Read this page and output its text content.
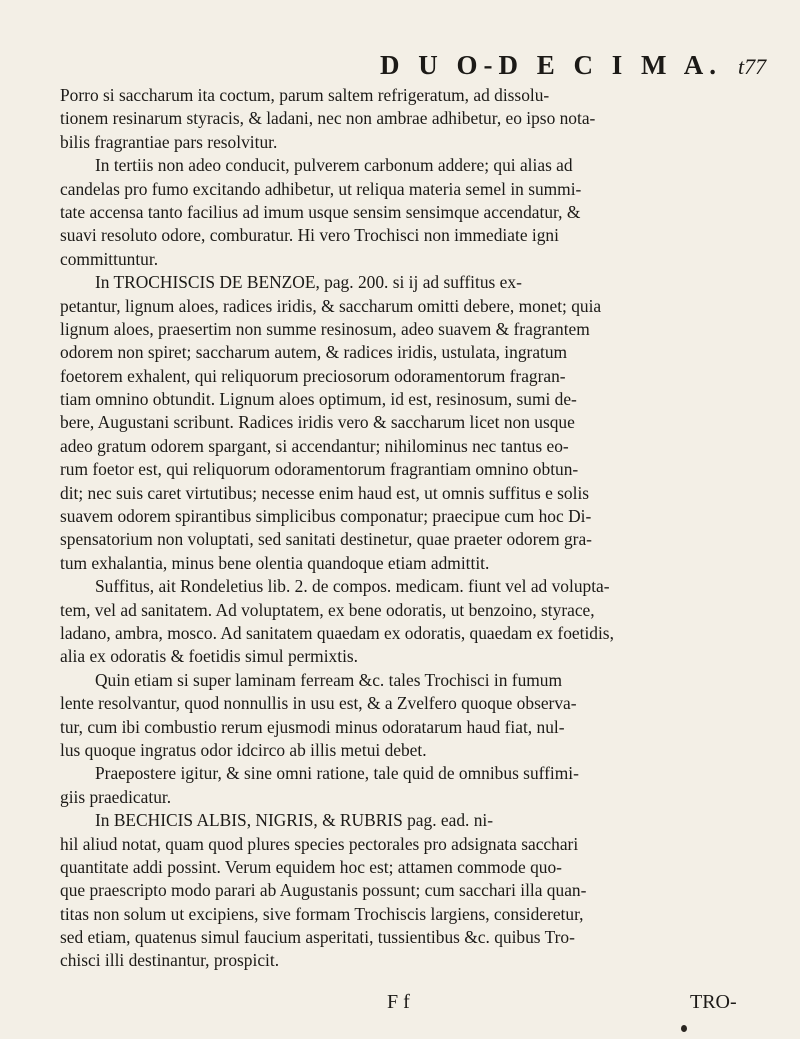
D U O-D E C I M A. t77
Porro si saccharum ita coctum, parum saltem refrigeratum, ad dissolu-
tionem resinarum styracis, & ladani, nec non ambrae adhibetur, eo ipso nota-
bilis fragrantiae pars resolvitur.
In tertiis non adeo conducit, pulverem carbonum addere; qui alias ad
candelas pro fumo excitando adhibetur, ut reliqua materia semel in summi-
tate accensa tanto facilius ad imum usque sensim sensimque accendatur, &
suavi resoluto odore, comburatur. Hi vero Trochisci non immediate igni
committuntur.
In TROCHISCIS DE BENZOE, pag. 200. si ij ad suffitus ex-
petantur, lignum aloes, radices iridis, & saccharum omitti debere, monet; quia
lignum aloes, praesertim non summe resinosum, adeo suavem & fragrantem
odorem non spiret; saccharum autem, & radices iridis, ustulata, ingratum
foetorem exhalent, qui reliquorum preciosorum odoramentorum fragran-
tiam omnino obtundit. Lignum aloes optimum, id est, resinosum, sumi de-
bere, Augustani scribunt. Radices iridis vero & saccharum licet non usque
adeo gratum odorem spargant, si accendantur; nihilominus nec tantus eo-
rum foetor est, qui reliquorum odoramentorum fragrantiam omnino obtun-
dit; nec suis caret virtutibus; necesse enim haud est, ut omnis suffitus e solis
suavem odorem spirantibus simplicibus componatur; praecipue cum hoc Di-
spensatorium non voluptati, sed sanitati destinetur, quae praeter odorem gra-
tum exhalantia, minus bene olentia quandoque etiam admittit.
Suffitus, ait Rondeletius lib. 2. de compos. medicam. fiunt vel ad volupta-
tem, vel ad sanitatem. Ad voluptatem, ex bene odoratis, ut benzoino, styrace,
ladano, ambra, mosco. Ad sanitatem quaedam ex odoratis, quaedam ex foetidis,
alia ex odoratis & foetidis simul permixtis.
Quin etiam si super laminam ferream &c. tales Trochisci in fumum
lente resolvantur, quod nonnullis in usu est, & a Zvelfero quoque observa-
tur, cum ibi combustio rerum ejusmodi minus odoratarum haud fiat, nul-
lus quoque ingratus odor idcirco ab illis metui debet.
Praepostere igitur, & sine omni ratione, tale quid de omnibus suffimi-
giis praedicatur.
In BECHICIS ALBIS, NIGRIS, & RUBRIS pag. ead. ni-
hil aliud notat, quam quod plures species pectorales pro adsignata sacchari
quantitate addi possint. Verum equidem hoc est; attamen commode quo-
que praescripto modo parari ab Augustanis possunt; cum sacchari illa quan-
titas non solum ut excipiens, sive formam Trochiscis largiens, consideretur,
sed etiam, quatenus simul faucium asperitati, tussientibus &c. quibus Tro-
chisci illi destinantur, prospicit.
F f	TRO-
